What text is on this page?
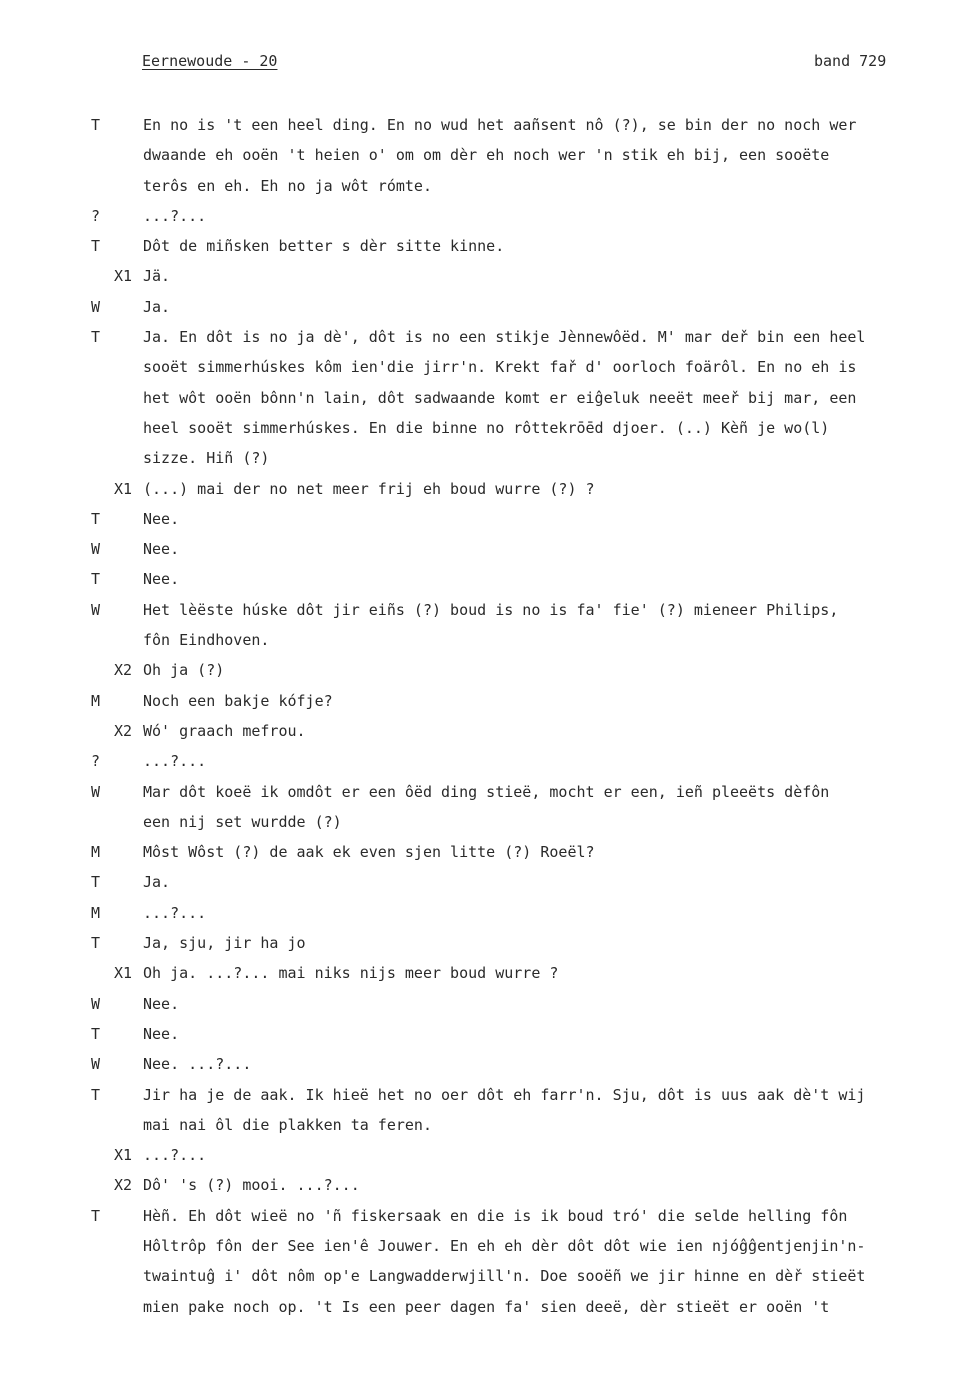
Eernewoude - 20	band 729
T	En no is 't een heel ding. En no wud het aañsent nô (?), se bin der no noch wer
dwaande eh ooën 't heien o' om om dèr eh noch wer 'n stik eh bij, een sooëte
terôs en eh. Eh no ja wôt rómte.
?	...?...
T	Dôt de miñsken better s dèr sitte kinne.
X1 Jä.
W	Ja.
T	Ja. En dôt is no ja dè', dôt is no een stikje Jènnewôëd. M' mar deř bin een heel
sooët simmerhúskes kôm ien'die jirr'n. Krekt fař d' oorloch foärôl. En no eh is
het wôt ooën bônn'n lain, dôt sadwaande komt er eiĝeluk neeët meeř bij mar, een
heel sooët simmerhúskes. En die binne no rôttekrōēd djoer. (..) Kèñ je wo(l)
sizze. Hiñ (?)
X1 (...) mai der no net meer frij eh boud wurre (?) ?
T	Nee.
W	Nee.
T	Nee.
W	Het lèëste húske dôt jir eiñs (?) boud is no is fa' fie' (?) mieneer Philips,
fôn Eindhoven.
X2 Oh ja (?)
M	Noch een bakje kófje?
X2 Wó' graach mefrou.
?	...?...
W	Mar dôt koeë ik omdôt er een ôëd ding stieë, mocht er een, ieñ pleeëts dèfôn
een nij set wurdde (?)
M	Môst Wôst (?) de aak ek even sjen litte (?) Roeël?
T	Ja.
M	...?...
T	Ja, sju, jir ha jo
X1 Oh ja. ...?... mai niks nijs meer boud wurre ?
W	Nee.
T	Nee.
W	Nee. ...?...
T	Jir ha je de aak. Ik hieë het no oer dôt eh farr'n. Sju, dôt is uus aak dè't wij
mai nai ôl die plakken ta feren.
X1 ...?...
X2 Dô' 's (?) mooi. ...?...
T	Hèñ. Eh dôt wieë no 'ñ fiskersaak en die is ik boud tró' die selde helling fôn
Hôltrôp fôn der See ien'ê Jouwer. En eh eh dèr dôt dôt wie ien njóĝĝentjenjin'n-
twaintuĝ i' dôt nôm op'e Langwadderwjill'n. Doe sooëñ we jir hinne en dèř stieët
mien pake noch op. 't Is een peer dagen fa' sien deeë, dèr stieët er ooën 't
